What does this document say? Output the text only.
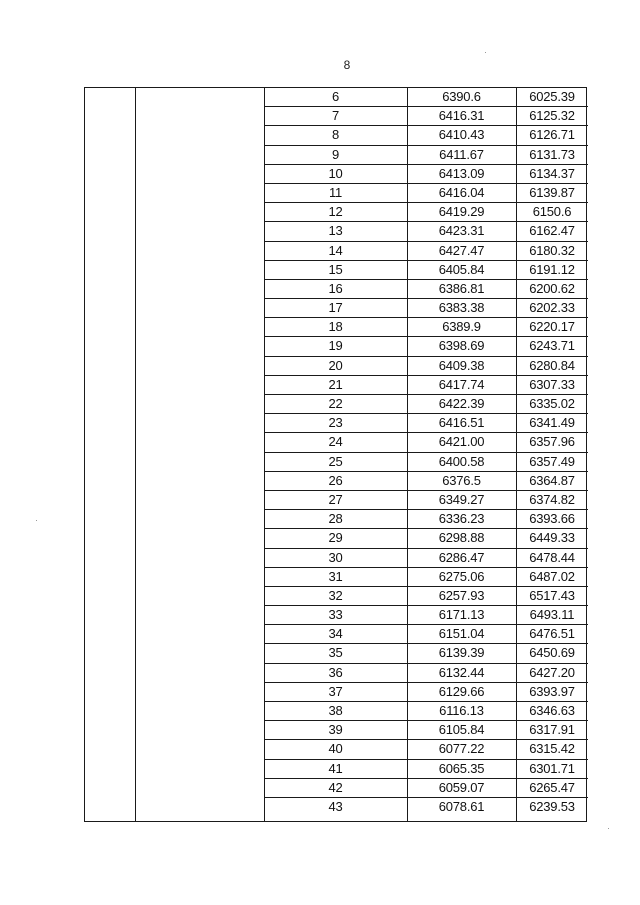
8
6	6390.6	6025.39
7	6416.31	6125.32
8	6410.43	6126.71
9	6411.67	6131.73
10	6413.09	6134.37
11	6416.04	6139.87
12	6419.29	6150.6
13	6423.31	6162.47
14	6427.47	6180.32
15	6405.84	6191.12
16	6386.81	6200.62
17	6383.38	6202.33
18	6389.9	6220.17
19	6398.69	6243.71
20	6409.38	6280.84
21	6417.74	6307.33
22	6422.39	6335.02
23	6416.51	6341.49
24	6421.00	6357.96
25	6400.58	6357.49
26	6376.5	6364.87
27	6349.27	6374.82
28	6336.23	6393.66
29	6298.88	6449.33
30	6286.47	6478.44
31	6275.06	6487.02
32	6257.93	6517.43
33	6171.13	6493.11
34	6151.04	6476.51
35	6139.39	6450.69
36	6132.44	6427.20
37	6129.66	6393.97
38	6116.13	6346.63
39	6105.84	6317.91
40	6077.22	6315.42
41	6065.35	6301.71
42	6059.07	6265.47
43	6078.61	6239.53
